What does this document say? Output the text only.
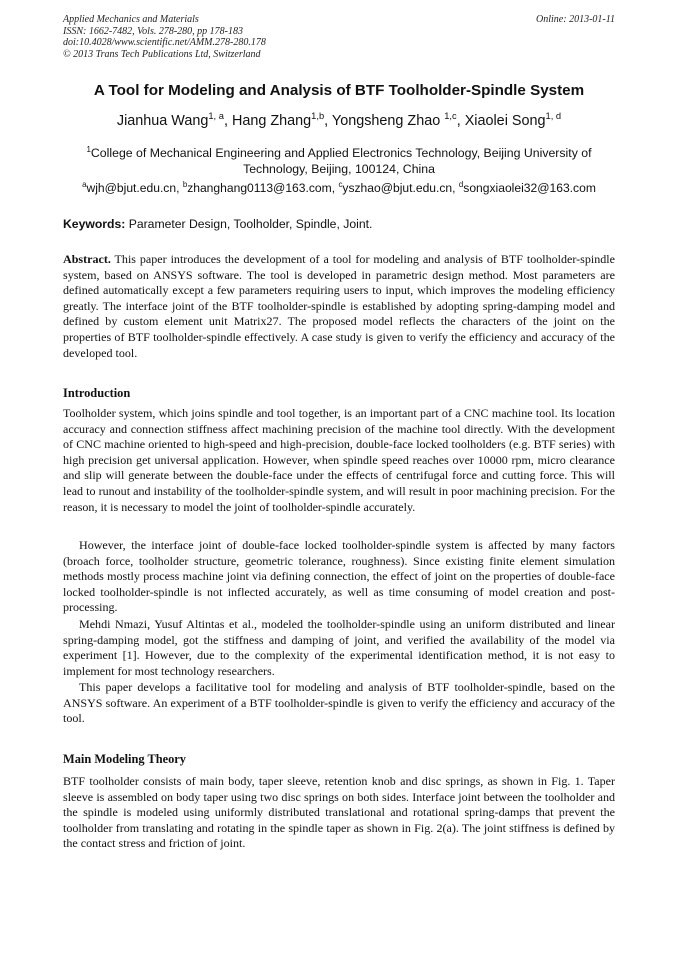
Applied Mechanics and Materials
ISSN: 1662-7482, Vols. 278-280, pp 178-183
doi:10.4028/www.scientific.net/AMM.278-280.178
© 2013 Trans Tech Publications Ltd, Switzerland
Online: 2013-01-11
A Tool for Modeling and Analysis of BTF Toolholder-Spindle System
Jianhua Wang$^{1, a}$, Hang Zhang$^{1,b}$, Yongsheng Zhao $^{1,c}$, Xiaolei Song$^{1, d}$
$^1$College of Mechanical Engineering and Applied Electronics Technology, Beijing University of Technology, Beijing, 100124, China
$^a$wjh@bjut.edu.cn, $^b$zhanghang0113@163.com, $^c$yszhao@bjut.edu.cn, $^d$songxiaolei32@163.com
Keywords: Parameter Design, Toolholder, Spindle, Joint.

Abstract. This paper introduces the development of a tool for modeling and analysis of BTF toolholder-spindle system, based on ANSYS software. The tool is developed in parametric design method. Most parameters are defined automatically except a few parameters requiring users to input, which improves the modeling efficiency greatly. The interface joint of the BTF toolholder-spindle is established by adopting spring-damping model and defined by custom element unit Matrix27. The proposed model reflects the characters of the joint on the properties of BTF toolholder-spindle effectively. A case study is given to verify the efficiency and accuracy of the developed tool.

Introduction

Toolholder system, which joins spindle and tool together, is an important part of a CNC machine tool. Its location accuracy and connection stiffness affect machining precision of the machine tool directly. With the development of CNC machine oriented to high-speed and high-precision, double-face locked toolholders (e.g. BTF series) with high precision get universal application. However, when spindle speed reaches over 10000 rpm, micro clearance and slip will generate between the double-face under the effects of centrifugal force and cutting force. This will lead to runout and instability of the toolholder-spindle system, and will result in poor machining precision. For the reason, it is necessary to model the joint of toolholder-spindle accurately.

However, the interface joint of double-face locked toolholder-spindle system is affected by many factors (broach force, toolholder structure, geometric tolerance, roughness). Since existing finite element simulation methods mostly process machine joint via defining connection, the effect of joint on the properties of double-face locked toolholder-spindle is not inflected accurately, as well as time consuming of model creation and post-processing.

Mehdi Nmazi, Yusuf Altintas et al., modeled the toolholder-spindle using an uniform distributed and linear spring-damping model, got the stiffness and damping of joint, and verified the availability of the model via experiment [1]. However, due to the complexity of the experimental identification method, it is not easy to implement for most technology researchers.

This paper develops a facilitative tool for modeling and analysis of BTF toolholder-spindle, based on the ANSYS software. An experiment of a BTF toolholder-spindle is given to verify the efficiency and accuracy of the tool.

Main Modeling Theory

BTF toolholder consists of main body, taper sleeve, retention knob and disc springs, as shown in Fig. 1. Taper sleeve is assembled on body taper using two disc springs on both sides. Interface joint between the toolholder and the spindle is modeled using uniformly distributed translational and rotational spring-damps that prevent the toolholder from translating and rotating in the spindle taper as shown in Fig. 2(a). The joint stiffness is defined by the contact stress and friction of joint.
